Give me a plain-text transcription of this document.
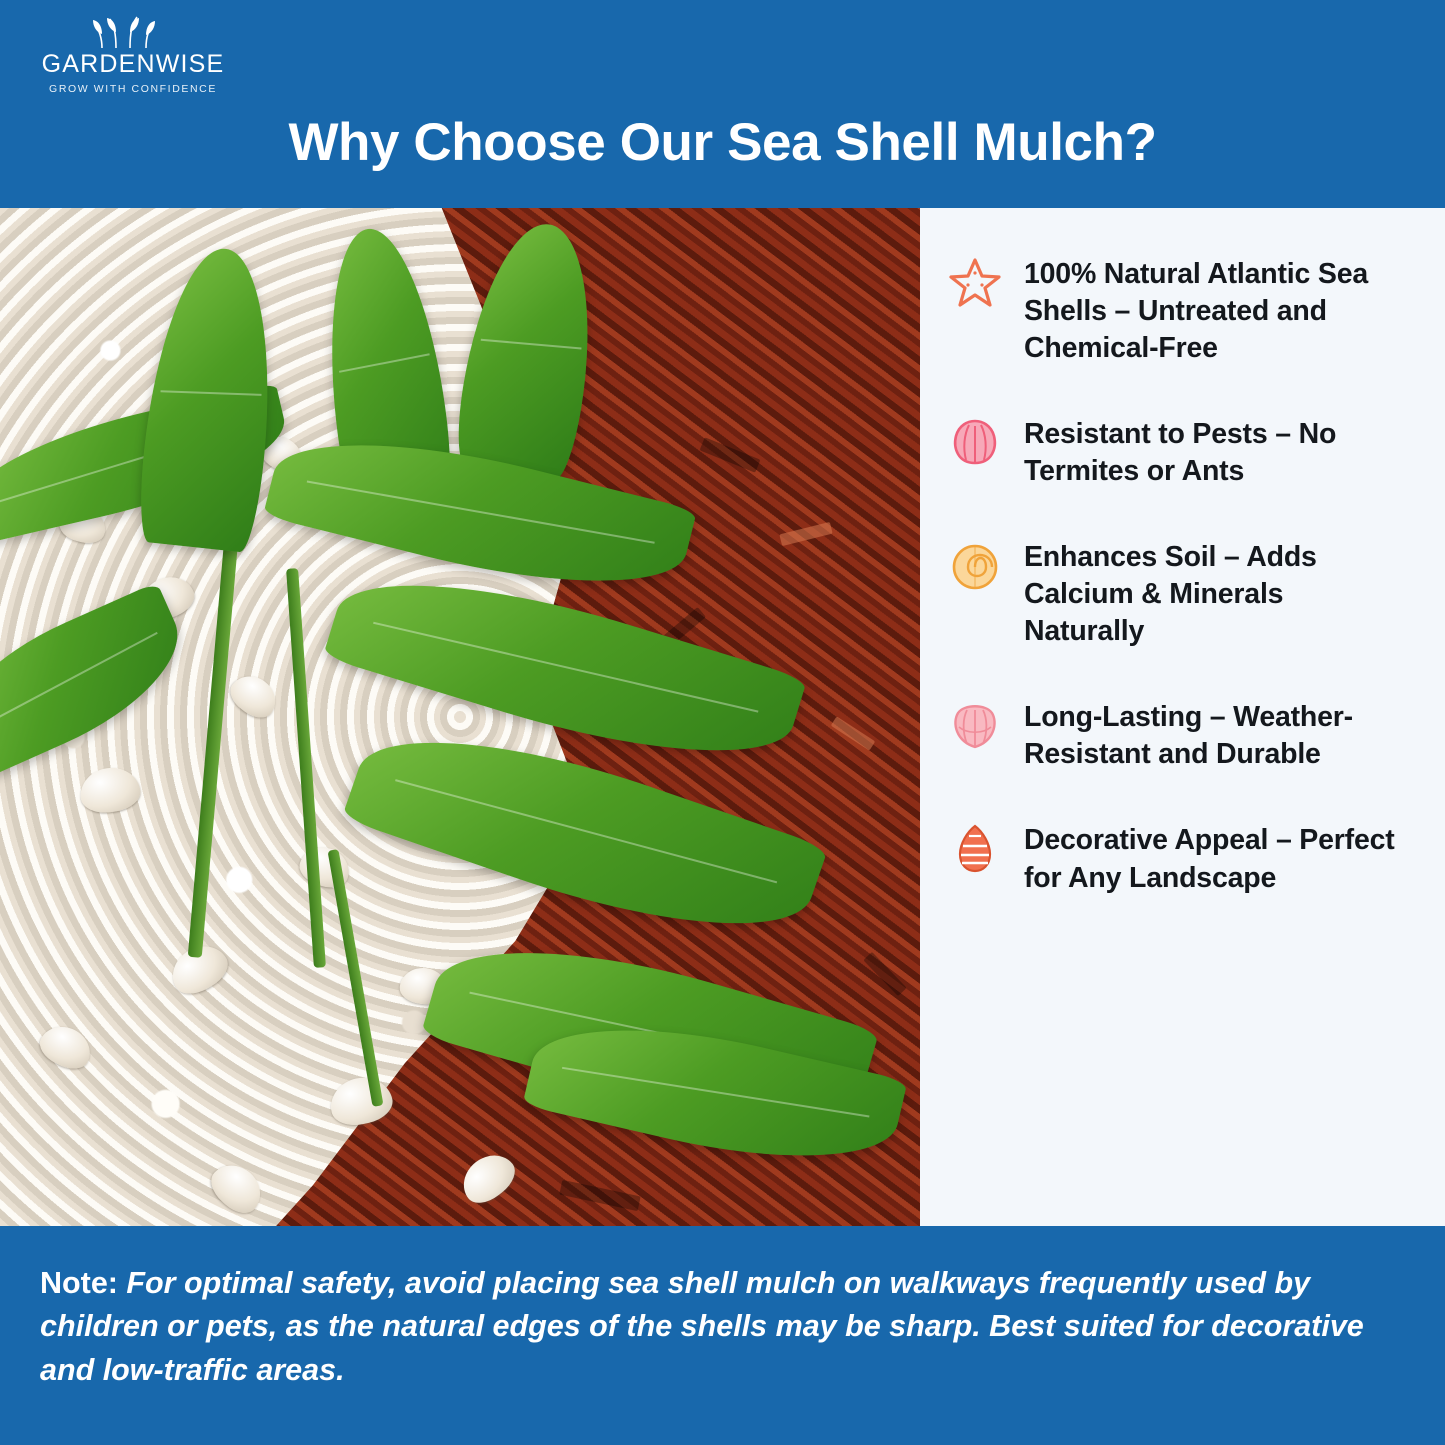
GARDENWISE
GROW WITH CONFIDENCE
Why Choose Our Sea Shell Mulch?
100% Natural Atlantic Sea Shells – Untreated and Chemical-Free
Resistant to Pests – No Termites or Ants
Enhances Soil – Adds Calcium & Minerals Naturally
Long-Lasting – Weather-Resistant and Durable
Decorative Appeal – Perfect for Any Landscape

Note: For optimal safety, avoid placing sea shell mulch on walkways frequently used by children or pets, as the natural edges of the shells may be sharp. Best suited for decorative and low-traffic areas.
